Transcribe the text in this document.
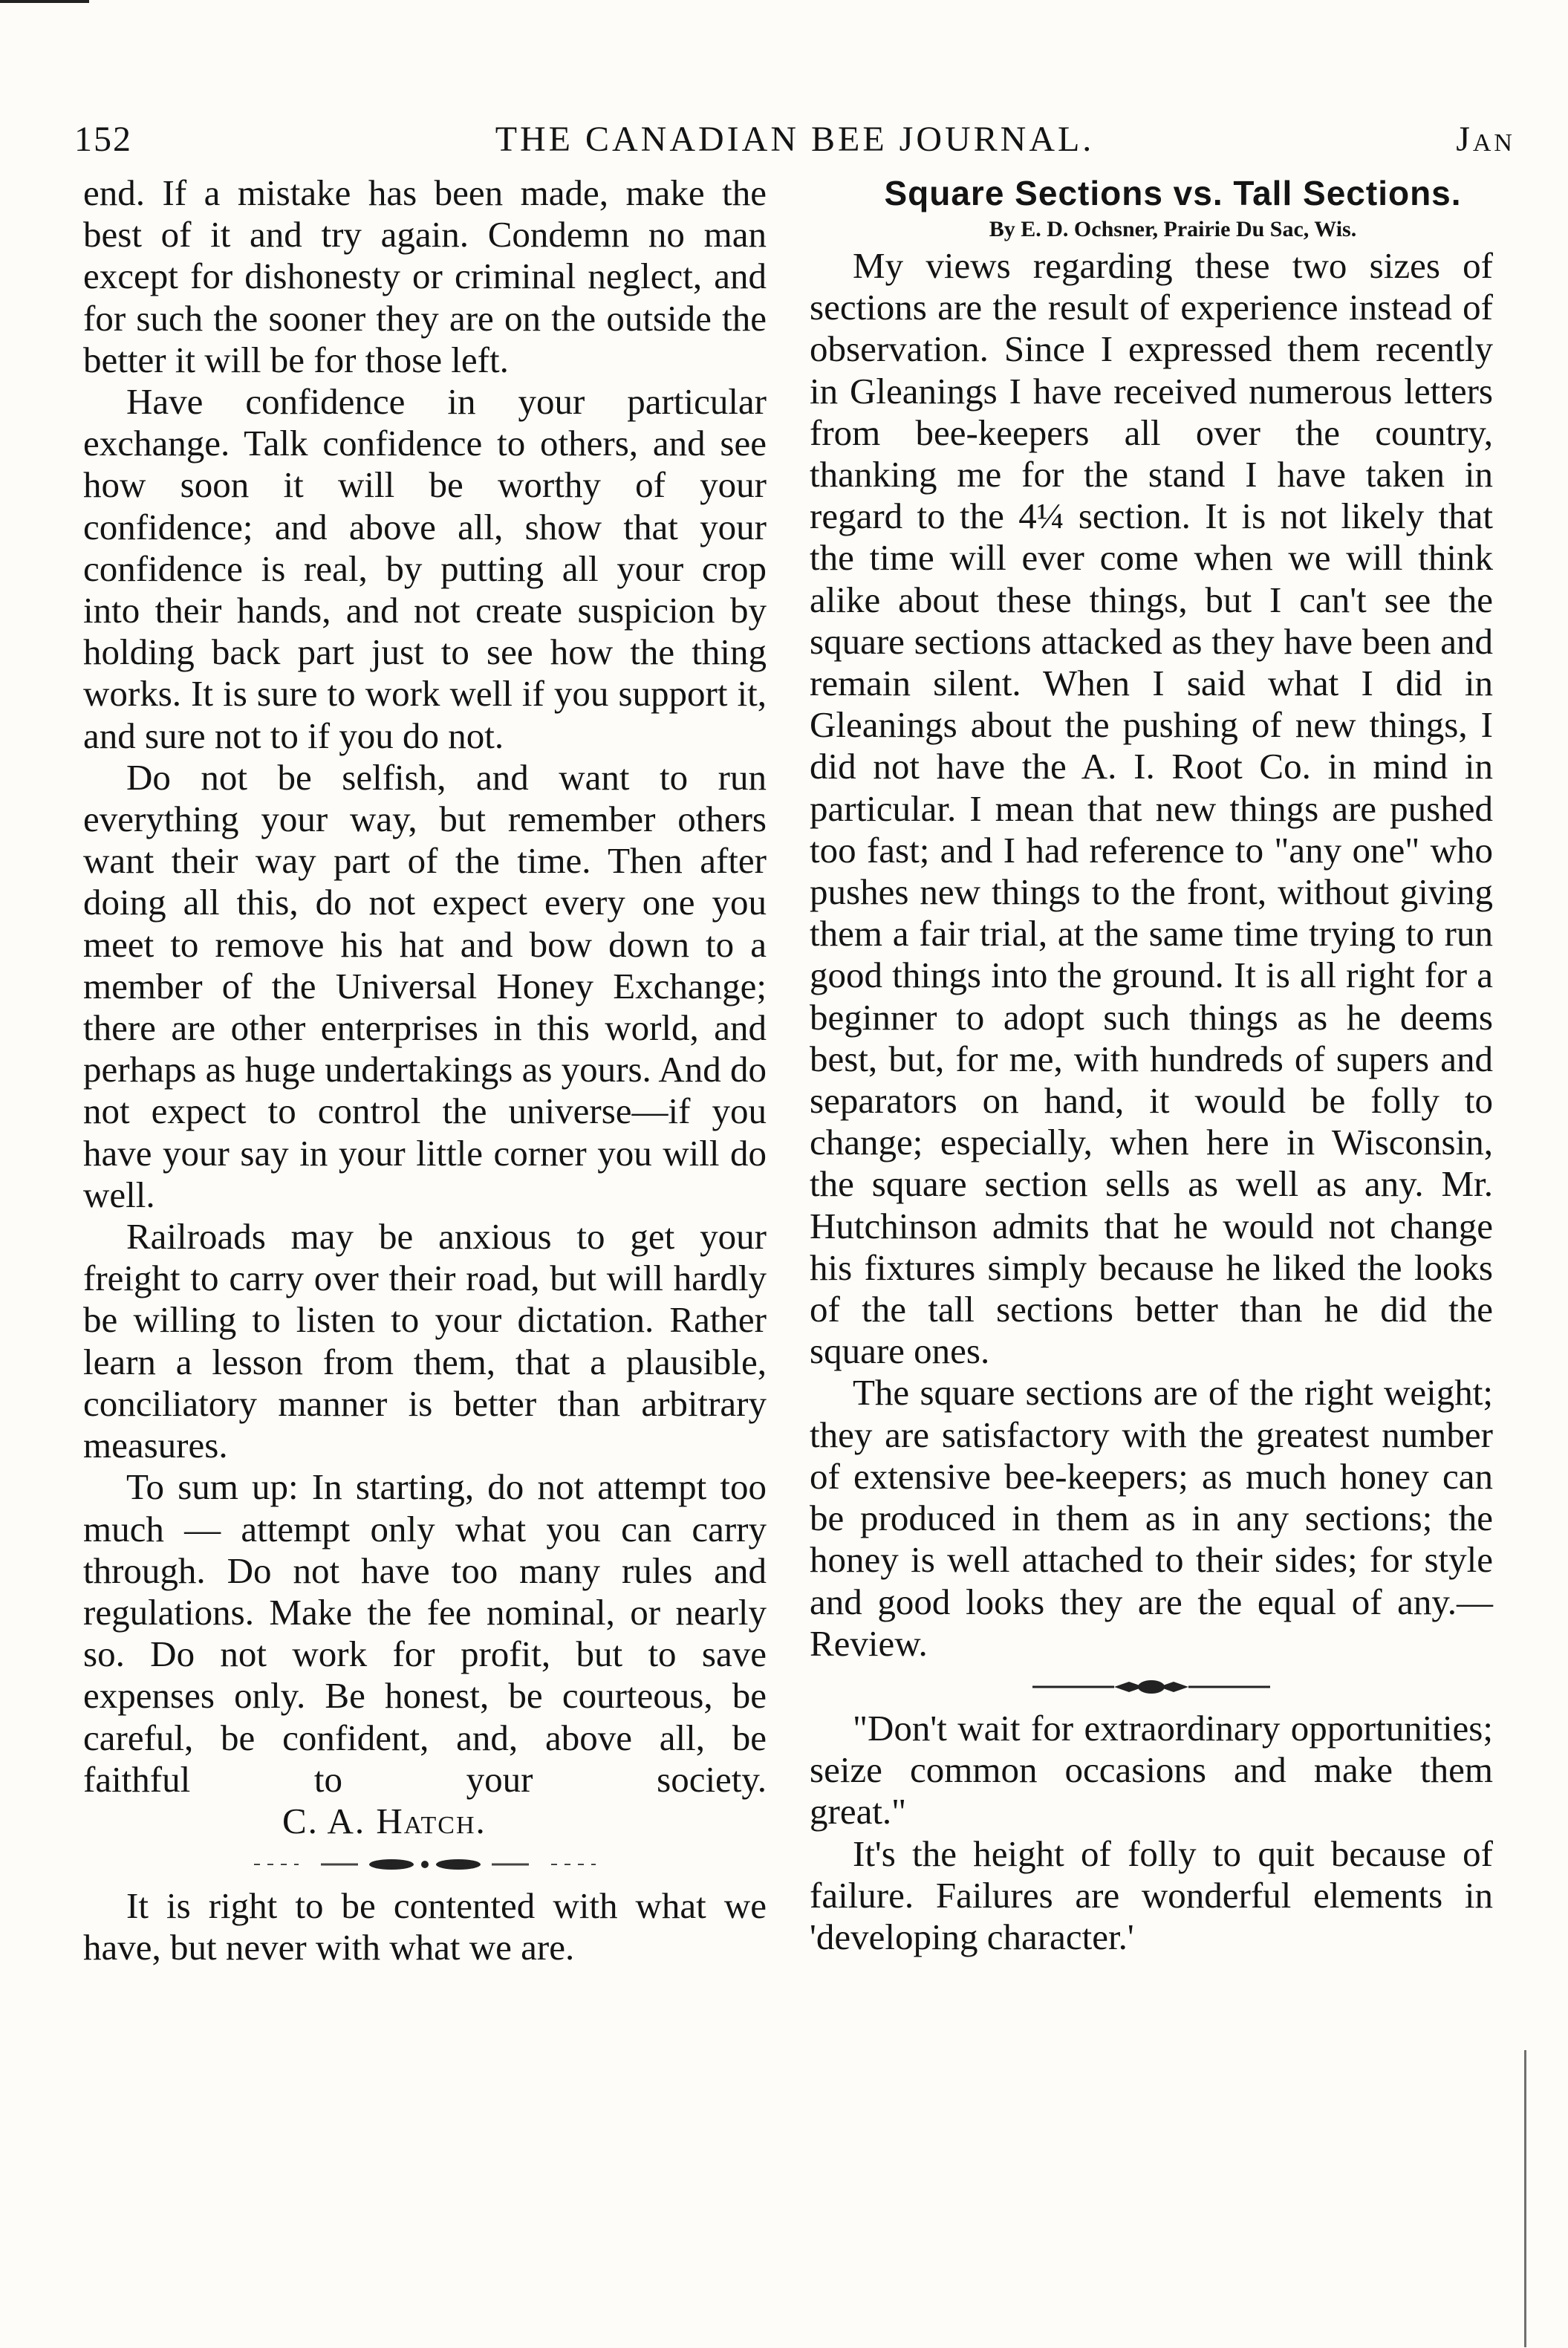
152	THE CANADIAN BEE JOURNAL.	Jan

end. If a mistake has been made, make the best of it and try again. Condemn no man except for dishonesty or criminal neglect, and for such the sooner they are on the outside the better it will be for those left.

Have confidence in your particular exchange. Talk confidence to others, and see how soon it will be worthy of your confidence; and above all, show that your confidence is real, by putting all your crop into their hands, and not create suspicion by holding back part just to see how the thing works. It is sure to work well if you support it, and sure not to if you do not.

Do not be selfish, and want to run everything your way, but remember others want their way part of the time. Then after doing all this, do not expect every one you meet to remove his hat and bow down to a member of the Universal Honey Exchange; there are other enterprises in this world, and perhaps as huge undertakings as yours. And do not expect to control the universe—if you have your say in your little corner you will do well.

Railroads may be anxious to get your freight to carry over their road, but will hardly be willing to listen to your dictation. Rather learn a lesson from them, that a plausible, conciliatory manner is better than arbitrary measures.

To sum up: In starting, do not attempt too much — attempt only what you can carry through. Do not have too many rules and regulations. Make the fee nominal, or nearly so. Do not work for profit, but to save expenses only. Be honest, be courteous, be careful, be confident, and, above all, be faithful to your society. C. A. Hatch.

It is right to be contented with what we have, but never with what we are.

Square Sections vs. Tall Sections.

By E. D. Ochsner, Prairie Du Sac, Wis.

My views regarding these two sizes of sections are the result of experience instead of observation. Since I expressed them recently in Gleanings I have received numerous letters from bee-keepers all over the country, thanking me for the stand I have taken in regard to the 4¼ section. It is not likely that the time will ever come when we will think alike about these things, but I can't see the square sections attacked as they have been and remain silent. When I said what I did in Gleanings about the pushing of new things, I did not have the A. I. Root Co. in mind in particular. I mean that new things are pushed too fast; and I had reference to "any one" who pushes new things to the front, without giving them a fair trial, at the same time trying to run good things into the ground. It is all right for a beginner to adopt such things as he deems best, but, for me, with hundreds of supers and separators on hand, it would be folly to change; especially, when here in Wisconsin, the square section sells as well as any. Mr. Hutchinson admits that he would not change his fixtures simply because he liked the looks of the tall sections better than he did the square ones.

The square sections are of the right weight; they are satisfactory with the greatest number of extensive bee-keepers; as much honey can be produced in them as in any sections; the honey is well attached to their sides; for style and good looks they are the equal of any.—Review.

"Don't wait for extraordinary opportunities; seize common occasions and make them great."

It's the height of folly to quit because of failure. Failures are wonderful elements in 'developing character.'
